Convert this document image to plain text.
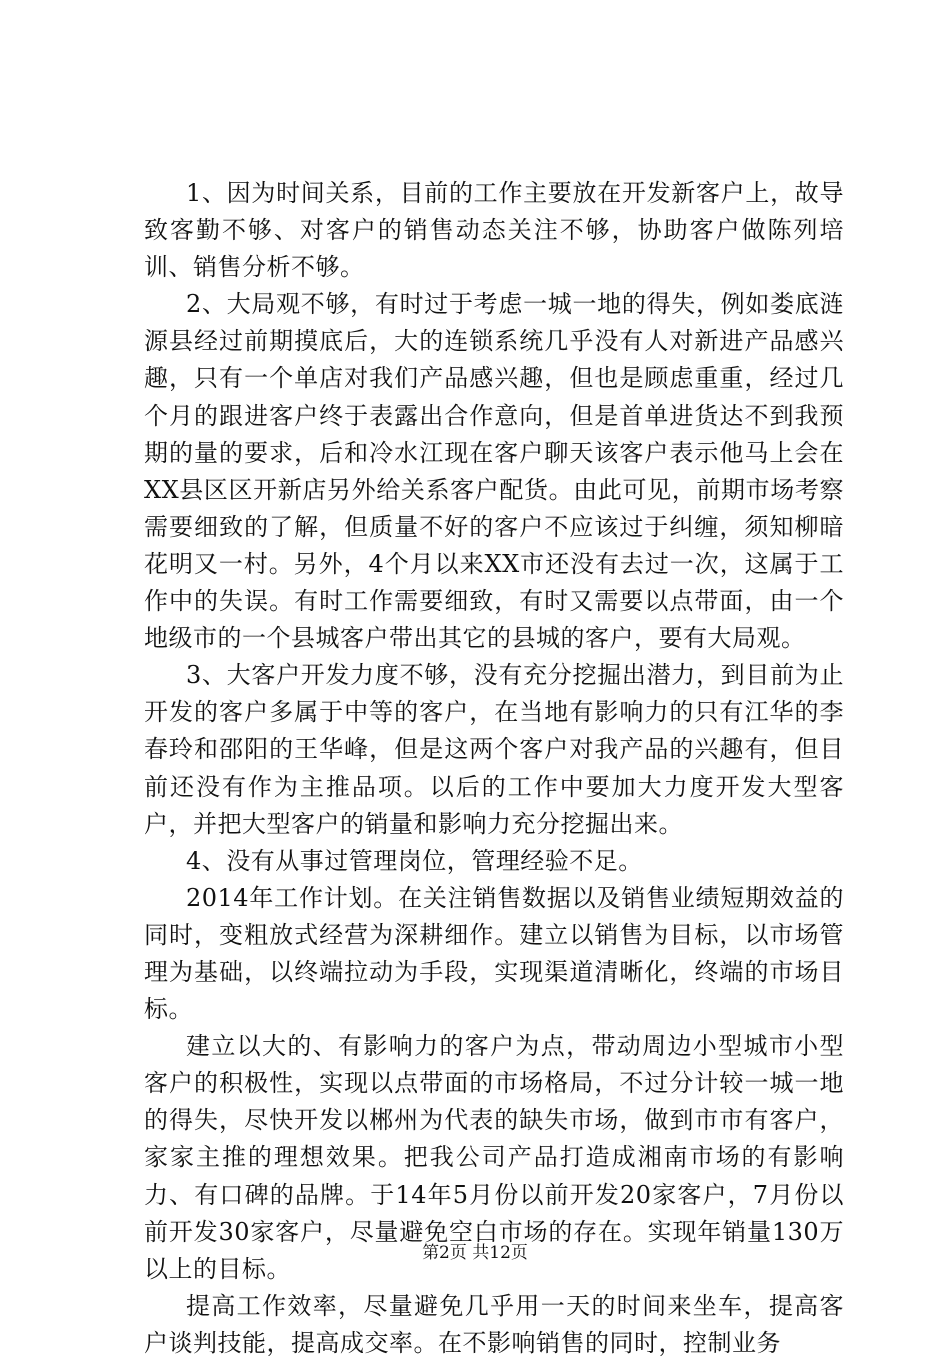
1、因为时间关系，目前的工作主要放在开发新客户上，故导致客勤不够、对客户的销售动态关注不够，协助客户做陈列培训、销售分析不够。

2、大局观不够，有时过于考虑一城一地的得失，例如娄底涟源县经过前期摸底后，大的连锁系统几乎没有人对新进产品感兴趣，只有一个单店对我们产品感兴趣，但也是顾虑重重，经过几个月的跟进客户终于表露出合作意向，但是首单进货达不到我预期的量的要求，后和冷水江现在客户聊天该客户表示他马上会在XX县区区开新店另外给关系客户配货。由此可见，前期市场考察需要细致的了解，但质量不好的客户不应该过于纠缠，须知柳暗花明又一村。另外，4个月以来XX市还没有去过一次，这属于工作中的失误。有时工作需要细致，有时又需要以点带面，由一个地级市的一个县城客户带出其它的县城的客户，要有大局观。

3、大客户开发力度不够，没有充分挖掘出潜力，到目前为止开发的客户多属于中等的客户，在当地有影响力的只有江华的李春玲和邵阳的王华峰，但是这两个客户对我产品的兴趣有，但目前还没有作为主推品项。以后的工作中要加大力度开发大型客户，并把大型客户的销量和影响力充分挖掘出来。

4、没有从事过管理岗位，管理经验不足。

2014年工作计划。在关注销售数据以及销售业绩短期效益的同时，变粗放式经营为深耕细作。建立以销售为目标，以市场管理为基础，以终端拉动为手段，实现渠道清晰化，终端的市场目标。

建立以大的、有影响力的客户为点，带动周边小型城市小型客户的积极性，实现以点带面的市场格局，不过分计较一城一地的得失，尽快开发以郴州为代表的缺失市场，做到市市有客户，家家主推的理想效果。把我公司产品打造成湘南市场的有影响力、有口碑的品牌。于14年5月份以前开发20家客户，7月份以前开发30家客户，尽量避免空白市场的存在。实现年销量130万以上的目标。

提高工作效率，尽量避免几乎用一天的时间来坐车，提高客户谈判技能，提高成交率。在不影响销售的同时，控制业务

第2页 共12页
